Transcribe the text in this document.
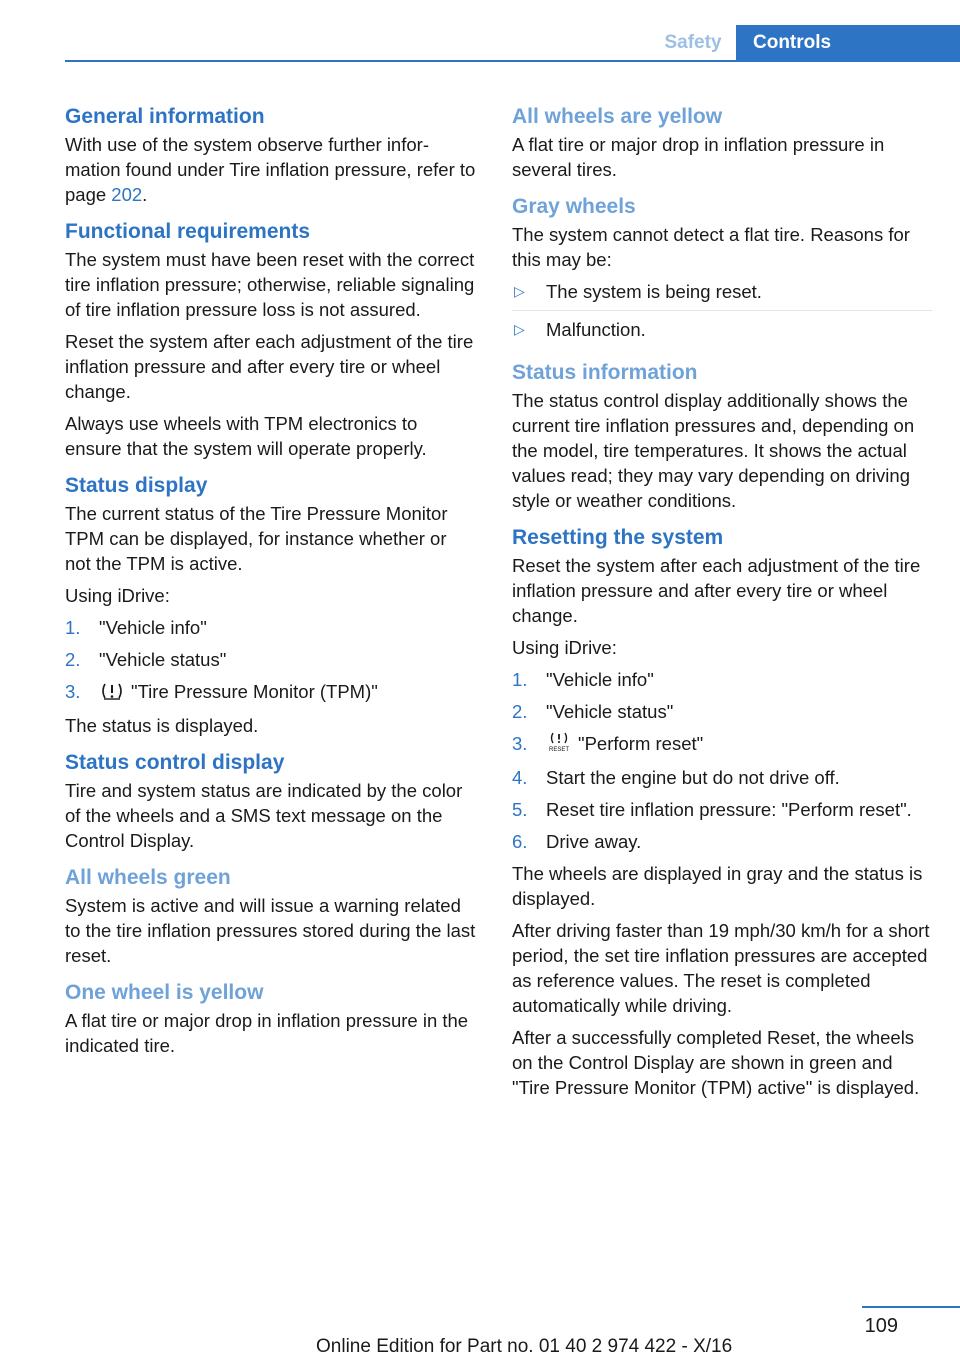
Safety	Controls
General information

With use of the system observe further information found under Tire inflation pressure, refer to page 202.

Functional requirements

The system must have been reset with the correct tire inflation pressure; otherwise, reliable signaling of tire inflation pressure loss is not assured.

Reset the system after each adjustment of the tire inflation pressure and after every tire or wheel change.

Always use wheels with TPM electronics to ensure that the system will operate properly.

Status display

The current status of the Tire Pressure Monitor TPM can be displayed, for instance whether or not the TPM is active.

Using iDrive:

1. "Vehicle info"
2. "Vehicle status"
3.	"Tire Pressure Monitor (TPM)"

The status is displayed.

Status control display

Tire and system status are indicated by the color of the wheels and a SMS text message on the Control Display.

All wheels green

System is active and will issue a warning related to the tire inflation pressures stored during the last reset.

One wheel is yellow

A flat tire or major drop in inflation pressure in the indicated tire.

All wheels are yellow

A flat tire or major drop in inflation pressure in several tires.

Gray wheels

The system cannot detect a flat tire. Reasons for this may be:

▷ The system is being reset.
▷ Malfunction.
Status information

The status control display additionally shows the current tire inflation pressures and, depending on the model, tire temperatures. It shows the actual values read; they may vary depending on driving style or weather conditions.

Resetting the system

Reset the system after each adjustment of the tire inflation pressure and after every tire or wheel change.

Using iDrive:

1. "Vehicle info"
2. "Vehicle status"
3.	RESET "Perform reset"
4. Start the engine but do not drive off.
5. Reset tire inflation pressure: "Perform reset".
6. Drive away.

The wheels are displayed in gray and the status is displayed.

After driving faster than 19 mph/30 km/h for a short period, the set tire inflation pressures are accepted as reference values. The reset is completed automatically while driving.

After a successfully completed Reset, the wheels on the Control Display are shown in green and "Tire Pressure Monitor (TPM) active" is displayed.

109
Online Edition for Part no. 01 40 2 974 422 - X/16
